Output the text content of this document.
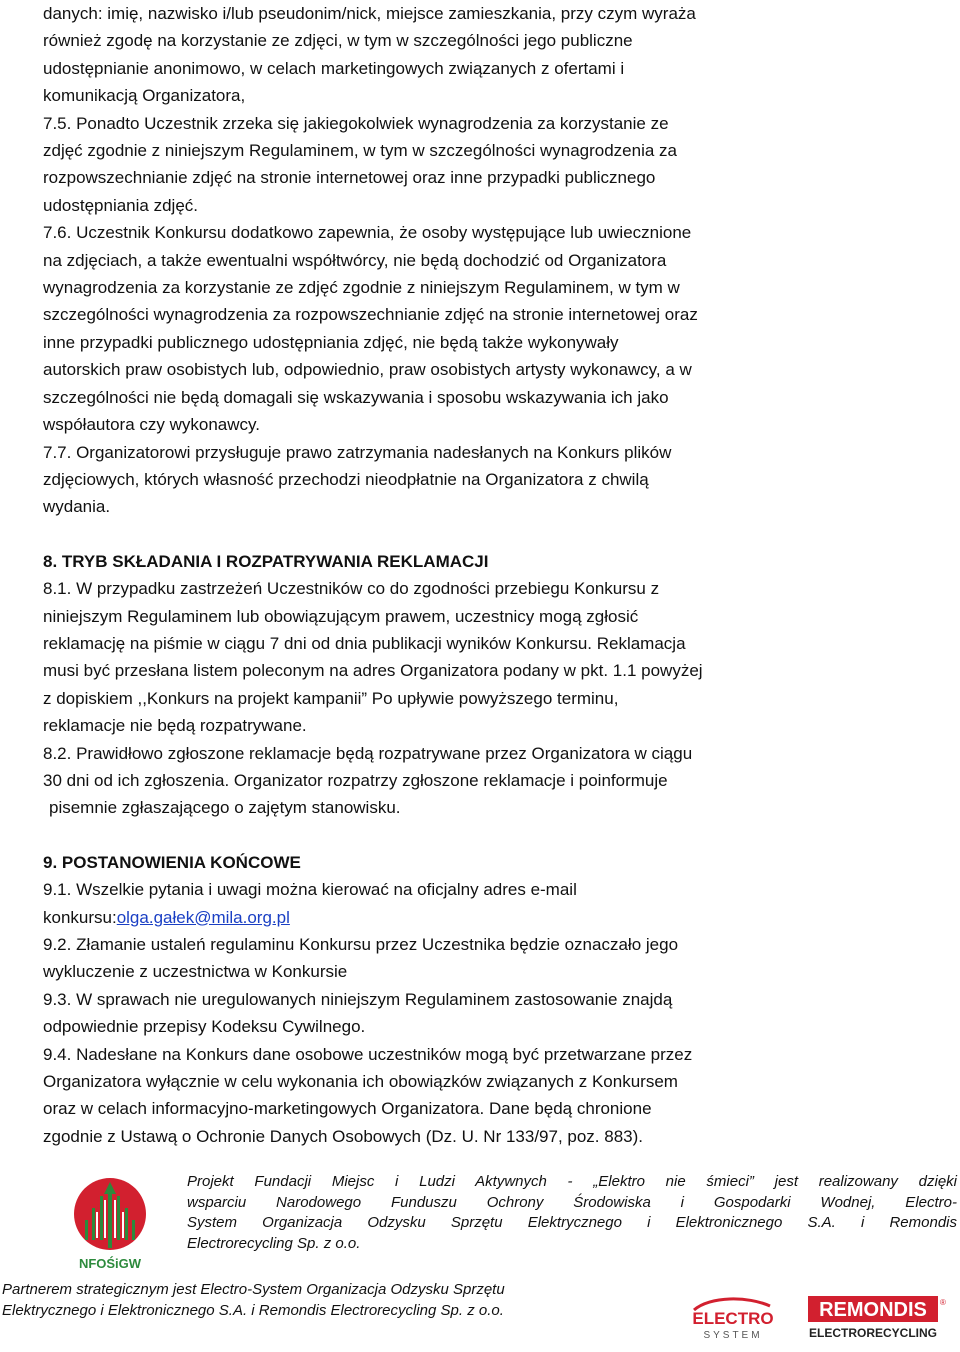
danych: imię, nazwisko i/lub pseudonim/nick, miejsce zamieszkania, przy czym wyraża
również zgodę na korzystanie ze zdjęci, w tym w szczególności jego publiczne
udostępnianie anonimowo, w celach marketingowych związanych z ofertami i
komunikacją Organizatora,
7.5. Ponadto Uczestnik zrzeka się jakiegokolwiek wynagrodzenia za korzystanie ze
zdjęć zgodnie z niniejszym Regulaminem, w tym w szczególności wynagrodzenia za
rozpowszechnianie zdjęć na stronie internetowej oraz inne przypadki publicznego
udostępniania zdjęć.
7.6. Uczestnik Konkursu dodatkowo zapewnia, że osoby występujące lub uwiecznione
na zdjęciach, a także ewentualni współtwórcy, nie będą dochodzić od Organizatora
wynagrodzenia za korzystanie ze zdjęć zgodnie z niniejszym Regulaminem, w tym w
szczególności wynagrodzenia za rozpowszechnianie zdjęć na stronie internetowej oraz
inne przypadki publicznego udostępniania zdjęć, nie będą także wykonywały
autorskich praw osobistych lub, odpowiednio, praw osobistych artysty wykonawcy, a w
szczególności nie będą domagali się wskazywania i sposobu wskazywania ich jako
współautora czy wykonawcy.
7.7. Organizatorowi przysługuje prawo zatrzymania nadesłanych na Konkurs plików
zdjęciowych, których własność przechodzi nieodpłatnie na Organizatora z chwilą
wydania.
8. TRYB SKŁADANIA I ROZPATRYWANIA REKLAMACJI
8.1. W przypadku zastrzeżeń Uczestników co do zgodności przebiegu Konkursu z
niniejszym Regulaminem lub obowiązującym prawem, uczestnicy mogą zgłosić
reklamację na piśmie w ciągu 7 dni od dnia publikacji wyników Konkursu. Reklamacja
musi być przesłana listem poleconym na adres Organizatora podany w pkt. 1.1 powyżej
z dopiskiem ,,Konkurs na projekt kampanii” Po upływie powyższego terminu,
reklamacje nie będą rozpatrywane.
8.2. Prawidłowo zgłoszone reklamacje będą rozpatrywane przez Organizatora w ciągu
30 dni od ich zgłoszenia. Organizator rozpatrzy zgłoszone reklamacje i poinformuje
pisemnie zgłaszającego o zajętym stanowisku.
9. POSTANOWIENIA KOŃCOWE
9.1. Wszelkie pytania i uwagi można kierować na oficjalny adres e-mail
konkursu:olga.gałek@mila.org.pl
9.2. Złamanie ustaleń regulaminu Konkursu przez Uczestnika będzie oznaczało jego
wykluczenie z uczestnictwa w Konkursie
9.3. W sprawach nie uregulowanych niniejszym Regulaminem zastosowanie znajdą
odpowiednie przepisy Kodeksu Cywilnego.
9.4. Nadesłane na Konkurs dane osobowe uczestników mogą być przetwarzane przez
Organizatora wyłącznie w celu wykonania ich obowiązków związanych z Konkursem
oraz w celach informacyjno-marketingowych Organizatora. Dane będą chronione
zgodnie z Ustawą o Ochronie Danych Osobowych (Dz. U. Nr 133/97, poz. 883).
NFOŚiGW
Projekt Fundacji Miejsc i Ludzi Aktywnych - „Elektro nie śmieci” jest realizowany dzięki
wsparciu Narodowego Funduszu Ochrony Środowiska i Gospodarki Wodnej, Electro-
System Organizacja Odzysku Sprzętu Elektrycznego i Elektronicznego S.A. i Remondis
Electrorecycling Sp. z o.o.
Partnerem strategicznym jest Electro-System Organizacja Odzysku Sprzętu
Elektrycznego i Elektronicznego S.A. i Remondis Electrorecycling Sp. z o.o.	ELECTRO
SYSTEM
REMONDIS ®
ELECTRORECYCLING
